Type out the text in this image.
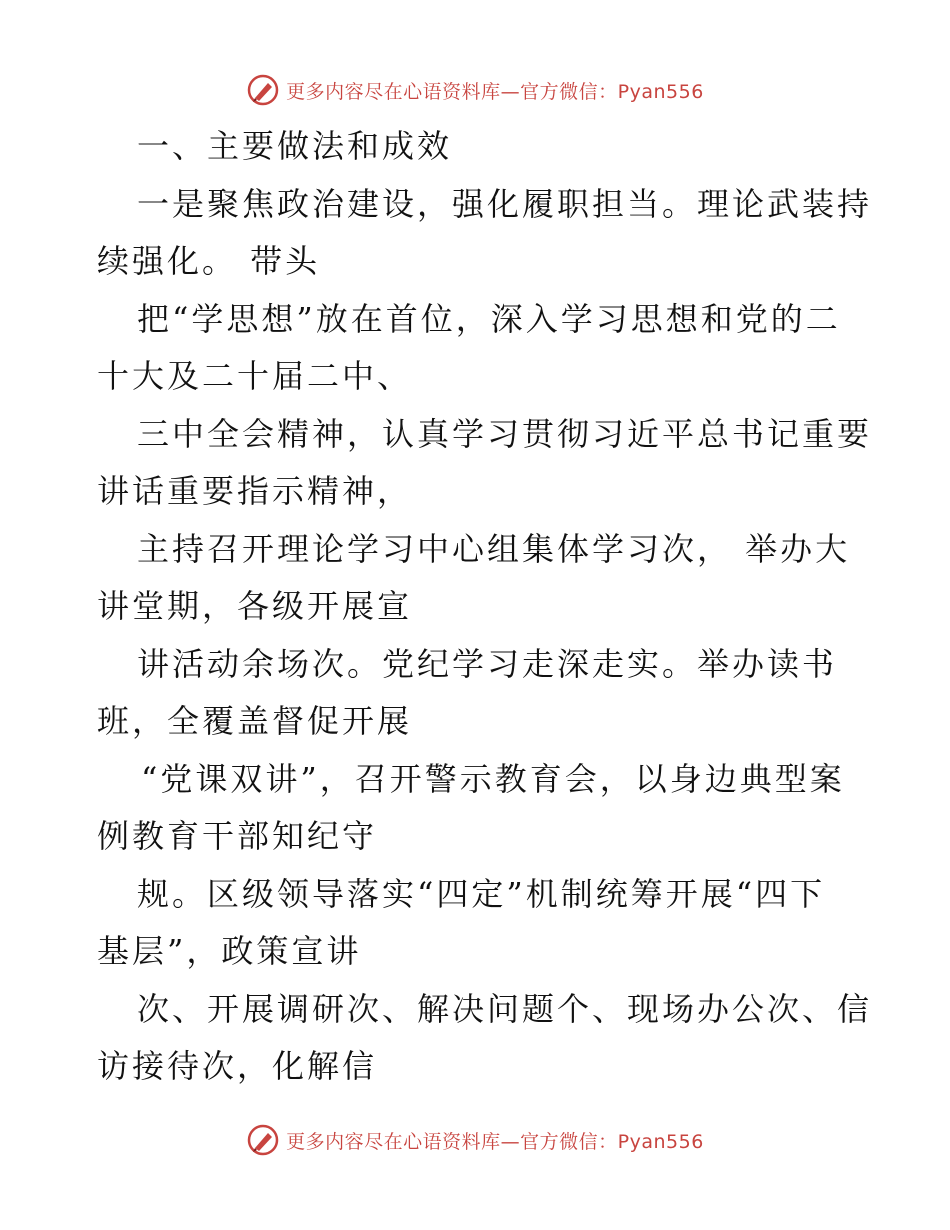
更多内容尽在心语资料库—官方微信：Pyan556
一、主要做法和成效
一是聚焦政治建设，强化履职担当。理论武装持
续强化。 带头
把“学思想”放在首位，深入学习思想和党的二
十大及二十届二中、
三中全会精神，认真学习贯彻习近平总书记重要
讲话重要指示精神，
主持召开理论学习中心组集体学习次， 举办大
讲堂期，各级开展宣
讲活动余场次。党纪学习走深走实。举办读书
班，全覆盖督促开展
“党课双讲”，召开警示教育会，以身边典型案
例教育干部知纪守
规。区级领导落实“四定”机制统筹开展“四下
基层”，政策宣讲
次、开展调研次、解决问题个、现场办公次、信
访接待次，化解信
更多内容尽在心语资料库—官方微信：Pyan556
